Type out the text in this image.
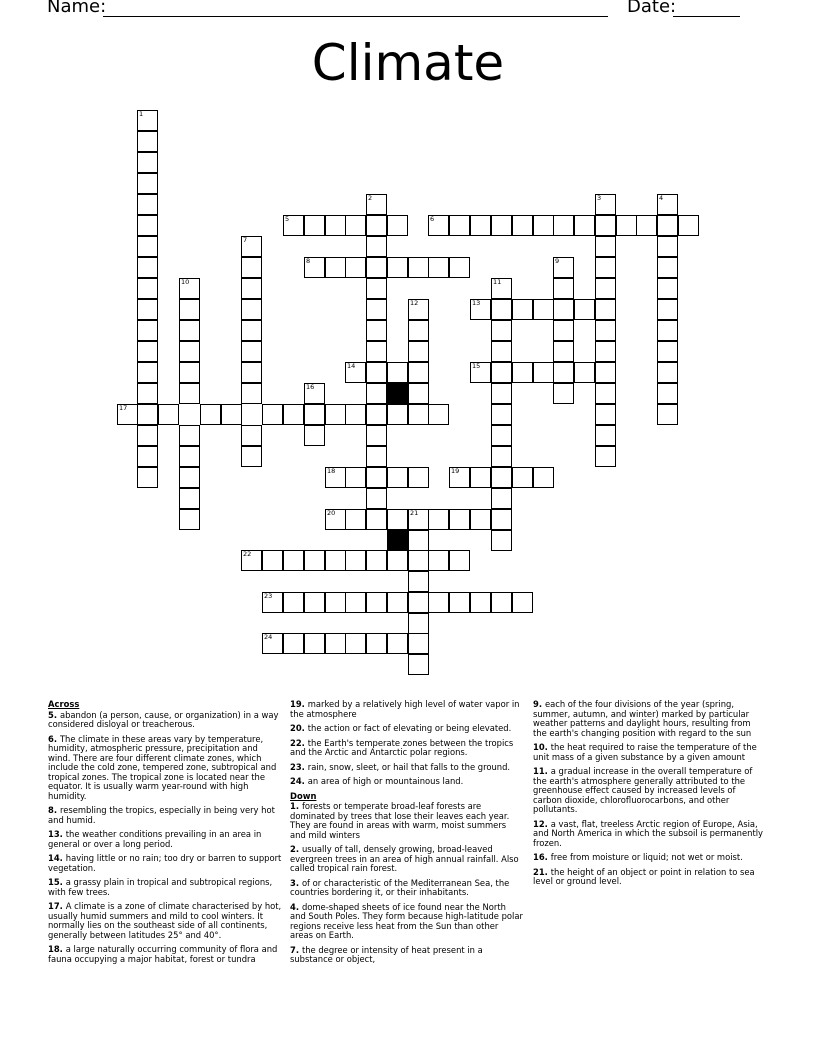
Name:	Date:
Climate
1
2	3	4
5	6
7
8	9
10	11
12	13
14	15
16
17
18	19
20	21
22
23
24
Across
5. abandon (a person, cause, or organization) in a way considered disloyal or treacherous.
6. The climate in these areas vary by temperature, humidity, atmospheric pressure, precipitation and wind. There are four different climate zones, which include the cold zone, tempered zone, subtropical and tropical zones. The tropical zone is located near the equator. It is usually warm year-round with high humidity.
8. resembling the tropics, especially in being very hot and humid.
13. the weather conditions prevailing in an area in general or over a long period.
14. having little or no rain; too dry or barren to support vegetation.
15. a grassy plain in tropical and subtropical regions, with few trees.
17. A climate is a zone of climate characterised by hot, usually humid summers and mild to cool winters. It normally lies on the southeast side of all continents, generally between latitudes 25° and 40°.
18. a large naturally occurring community of flora and fauna occupying a major habitat, forest or tundra
19. marked by a relatively high level of water vapor in the atmosphere
20. the action or fact of elevating or being elevated.
22. the Earth's temperate zones between the tropics and the Arctic and Antarctic polar regions.
23. rain, snow, sleet, or hail that falls to the ground.
24. an area of high or mountainous land.
Down
1. forests or temperate broad-leaf forests are dominated by trees that lose their leaves each year. They are found in areas with warm, moist summers and mild winters
2. usually of tall, densely growing, broad-leaved evergreen trees in an area of high annual rainfall. Also called tropical rain forest.
3. of or characteristic of the Mediterranean Sea, the countries bordering it, or their inhabitants.
4. dome-shaped sheets of ice found near the North and South Poles. They form because high-latitude polar regions receive less heat from the Sun than other areas on Earth.
7. the degree or intensity of heat present in a substance or object,
9. each of the four divisions of the year (spring, summer, autumn, and winter) marked by particular weather patterns and daylight hours, resulting from the earth's changing position with regard to the sun
10. the heat required to raise the temperature of the unit mass of a given substance by a given amount
11. a gradual increase in the overall temperature of the earth's atmosphere generally attributed to the greenhouse effect caused by increased levels of carbon dioxide, chlorofluorocarbons, and other pollutants.
12. a vast, flat, treeless Arctic region of Europe, Asia, and North America in which the subsoil is permanently frozen.
16. free from moisture or liquid; not wet or moist.
21. the height of an object or point in relation to sea level or ground level.
